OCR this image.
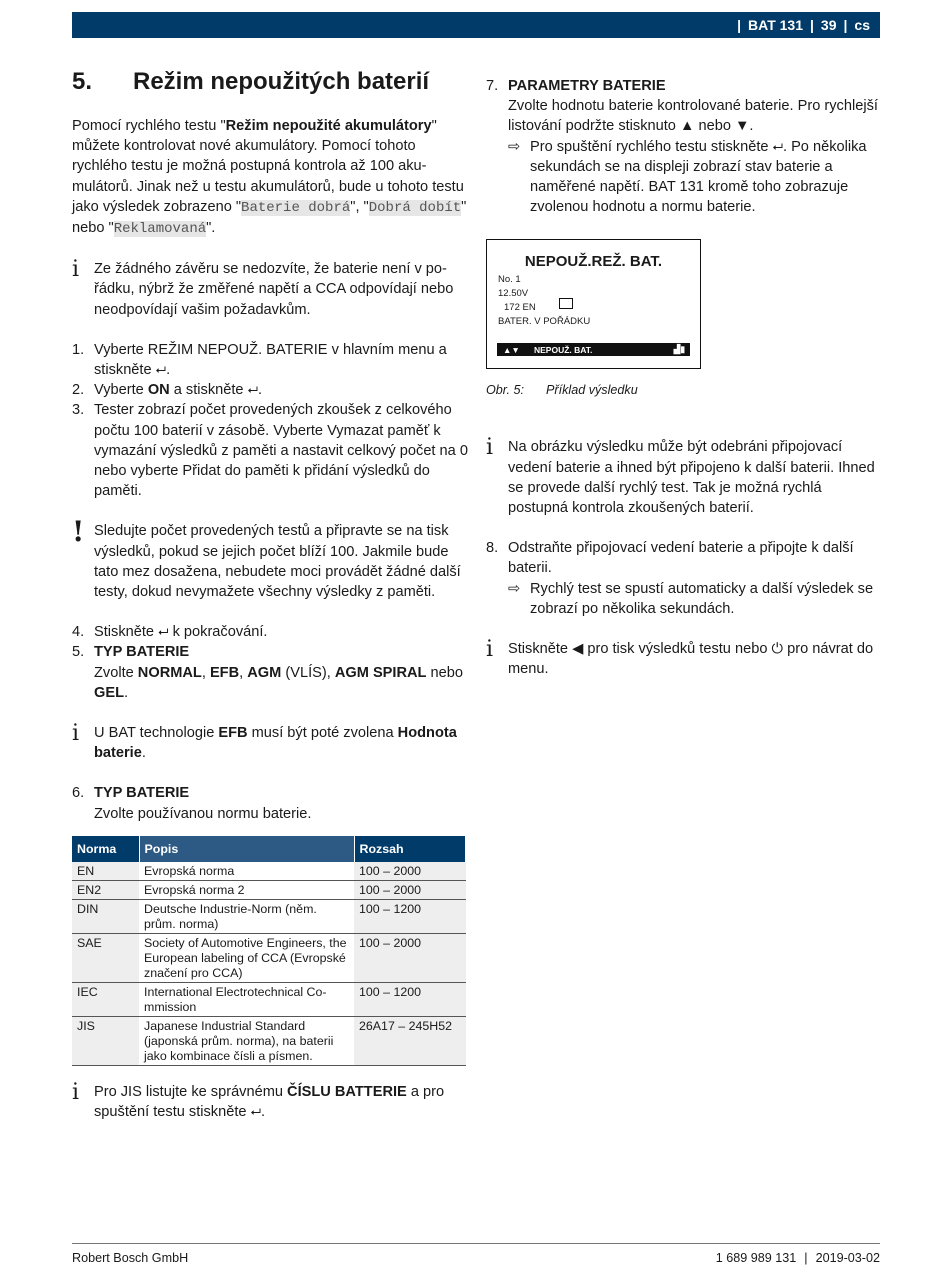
| BAT 131 | 39 | cs
5.	Režim nepoužitých baterií

Pomocí rychlého testu "Režim nepoužité akumulátory" můžete kontrolovat nové akumulátory. Pomocí tohoto rychlého testu je možná postupná kontrola až 100 akumulátorů. Jinak než u testu akumulátorů, bude u tohoto testu jako výsledek zobrazeno "Baterie dobrá", "Dobrá dobít" nebo "Reklamovaná".

i	Ze žádného závěru se nedozvíte, že baterie není v pořádku, nýbrž že změřené napětí a CCA odpovídají nebo neodpovídají vašim požadavkům.

1. Vyberte REŽIM NEPOUŽ. BATERIE v hlavním menu a stiskněte ⮠.

2. Vyberte ON a stiskněte ⮠.

3. Tester zobrazí počet provedených zkoušek z celkového počtu 100 baterií v zásobě. Vyberte Vymazat paměť k vymazání výsledků z paměti a nastavit celkový počet na 0 nebo vyberte Přidat do paměti k přidání výsledků do paměti.

! Sledujte počet provedených testů a připravte se na tisk výsledků, pokud se jejich počet blíží 100. Jakmile bude tato mez dosažena, nebudete moci provádět žádné další testy, dokud nevymažete všechny výsledky z paměti.

4. Stiskněte ⮠ k pokračování.

5. TYP BATERIE

Zvolte NORMAL, EFB, AGM (VLÍS), AGM SPIRAL nebo GEL.

i	U BAT technologie EFB musí být poté zvolena Hodnota baterie.

6. TYP BATERIE

Zvolte používanou normu baterie.

Norma	Popis	Rozsah
EN	Evropská norma	100 – 2000
EN2	Evropská norma 2	100 – 2000
DIN	Deutsche Industrie-Norm (něm. prům. norma)	100 – 1200
SAE	Society of Automotive Engineers, the European labeling of CCA (Evropské značení pro CCA)	100 – 2000
IEC	International Electrotechnical Commission	100 – 1200
JIS	Japanese Industrial Standard (japonská prům. norma), na baterii jako kombinace čísli a písmen.	26A17 – 245H52
i	Pro JIS listujte ke správnému ČÍSLU BATTERIE a pro spuštění testu stiskněte ⮠.

7. PARAMETRY BATERIE

Zvolte hodnotu baterie kontrolované baterie. Pro rychlejší listování podržte stisknuto ▲ nebo ▼.

⇨ Pro spuštění rychlého testu stiskněte ⮠. Po několika sekundách se na displeji zobrazí stav baterie a naměřené napětí. BAT 131 kromě toho zobrazuje zvolenou hodnotu a normu baterie.

NEPOUŽ.REŽ. BAT.
No. 1
12.50V
172 EN
BATER. V POŘÁDKU
▲▼      NEPOUŽ. BAT.	▟▮
Obr. 5:	Příklad výsledku
i	Na obrázku výsledku může být odebráni připojovací vedení baterie a ihned být připojeno k další baterii. Ihned se provede další rychlý test. Tak je možná rychlá postupná kontrola zkoušených baterií.

8. Odstraňte připojovací vedení baterie a připojte k další baterii.

⇨ Rychlý test se spustí automaticky a další výsledek se zobrazí po několika sekundách.

i	Stiskněte ◀ pro tisk výsledků testu nebo ⏻ pro návrat do menu.

Robert Bosch GmbH	1 689 989 131 | 2019-03-02
